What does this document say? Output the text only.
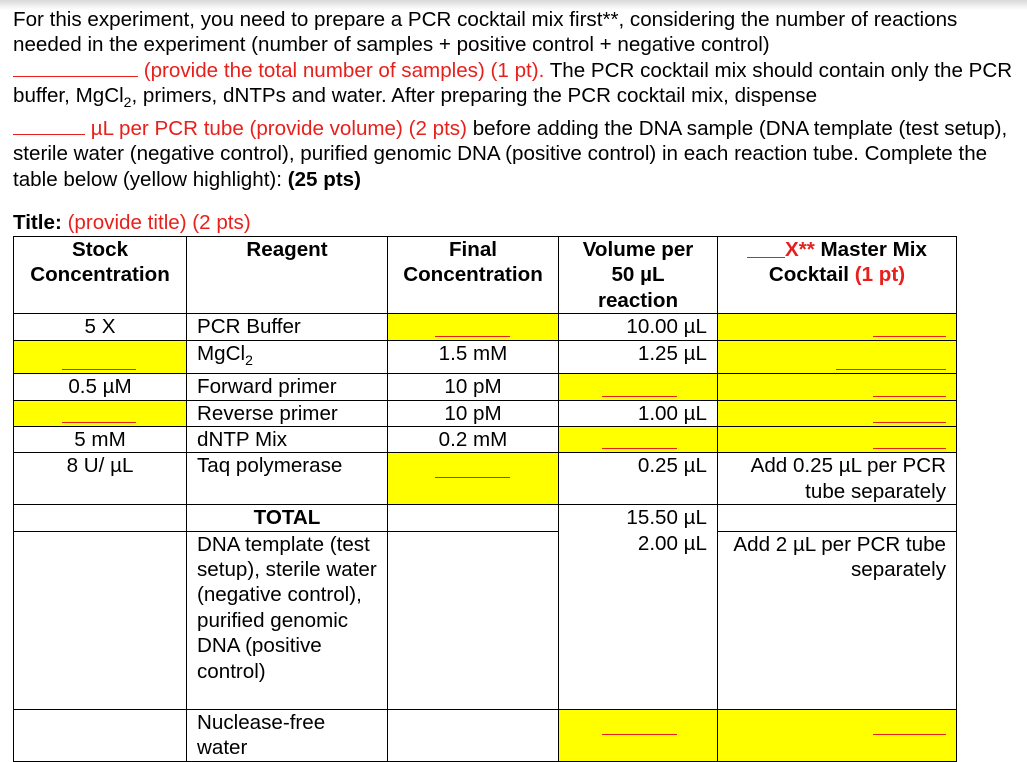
For this experiment, you need to prepare a PCR cocktail mix first**, considering the number of reactions needed in the experiment (number of samples + positive control + negative control)
(provide the total number of samples) (1 pt). The PCR cocktail mix should contain only the PCR buffer, MgCl$_2$, primers, dNTPs and water. After preparing the PCR cocktail mix, dispense
µL per PCR tube (provide volume) (2 pts) before adding the DNA sample (DNA template (test setup), sterile water (negative control), purified genomic DNA (positive control) in each reaction tube. Complete the table below (yellow highlight): (25 pts)

Title: (provide title) (2 pts)
Stock Concentration	Reagent	Final Concentration	Volume per 50 µL reaction	X** Master Mix Cocktail (1 pt)
5 X	PCR Buffer		10.00 µL	

	MgCl$_2$	1.5 mM	1.25 µL	

0.5 µM	Forward primer	10 pM	

	Reverse primer	10 pM	1.00 µL	

5 mM	dNTP Mix	0.2 mM	

8 U/ µL	Taq polymerase		0.25 µL	Add 0.25 µL per PCR tube separately
	TOTAL		15.50 µL	
	DNA template (test setup), sterile water (negative control), purified genomic DNA (positive control)		2.00 µL	Add 2 µL per PCR tube separately
	Nuclease-free water		
